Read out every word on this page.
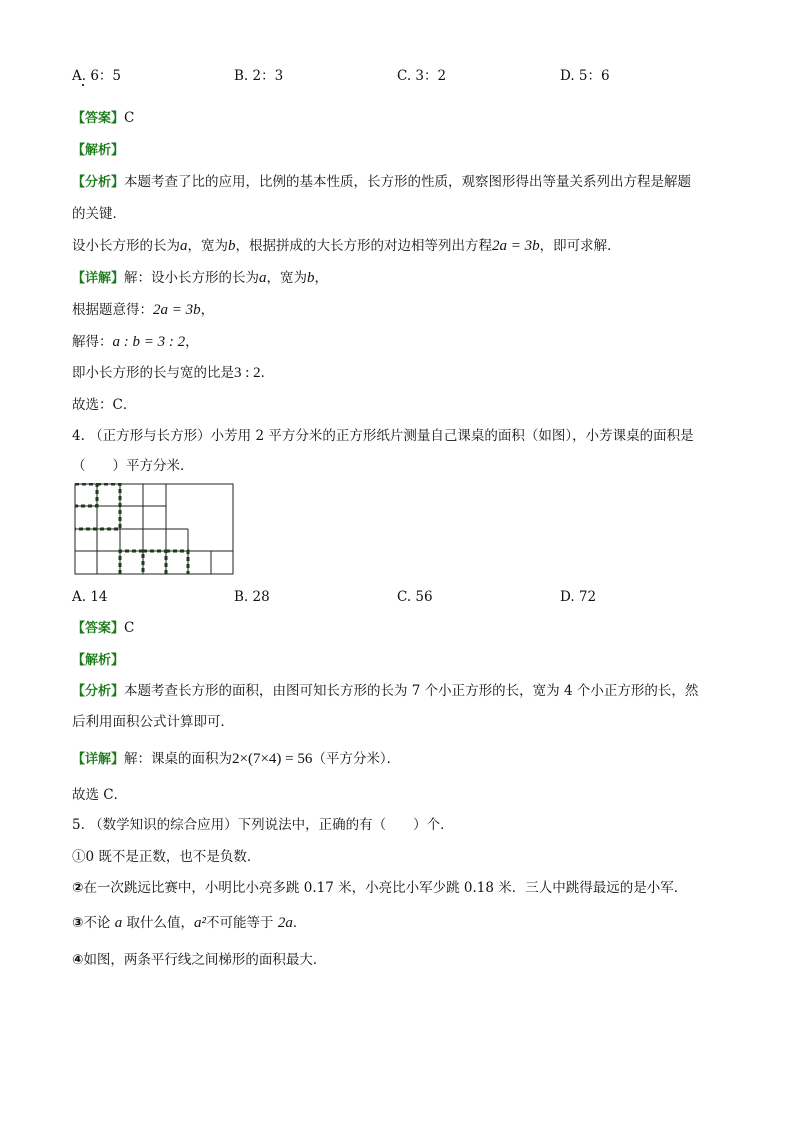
A. 6：5	B. 2：3	C. 3：2	D. 5：6
【答案】C
【解析】
【分析】本题考查了比的应用，比例的基本性质，长方形的性质，观察图形得出等量关系列出方程是解题
的关键．
设小长方形的长为a，宽为b，根据拼成的大长方形的对边相等列出方程2a = 3b，即可求解．
【详解】解：设小长方形的长为a，宽为b，
根据题意得：2a = 3b，
解得：a : b = 3 : 2，
即小长方形的长与宽的比是3 : 2．
故选：C．
4. （正方形与长方形）小芳用 2 平方分米的正方形纸片测量自己课桌的面积（如图），小芳课桌的面积是
（　　）平方分米．
A. 14	B. 28	C. 56	D. 72
【答案】C
【解析】
【分析】本题考查长方形的面积，由图可知长方形的长为 7 个小正方形的长，宽为 4 个小正方形的长，然
后利用面积公式计算即可．
【详解】解：课桌的面积为2×(7×4) = 56（平方分米）．
故选 C．
5. （数学知识的综合应用）下列说法中，正确的有（　　）个．
①0 既不是正数，也不是负数．
②在一次跳远比赛中，小明比小亮多跳 0.17 米，小亮比小军少跳 0.18 米．三人中跳得最远的是小军．
③不论 a 取什么值，a²不可能等于 2a．
④如图，两条平行线之间梯形的面积最大．
